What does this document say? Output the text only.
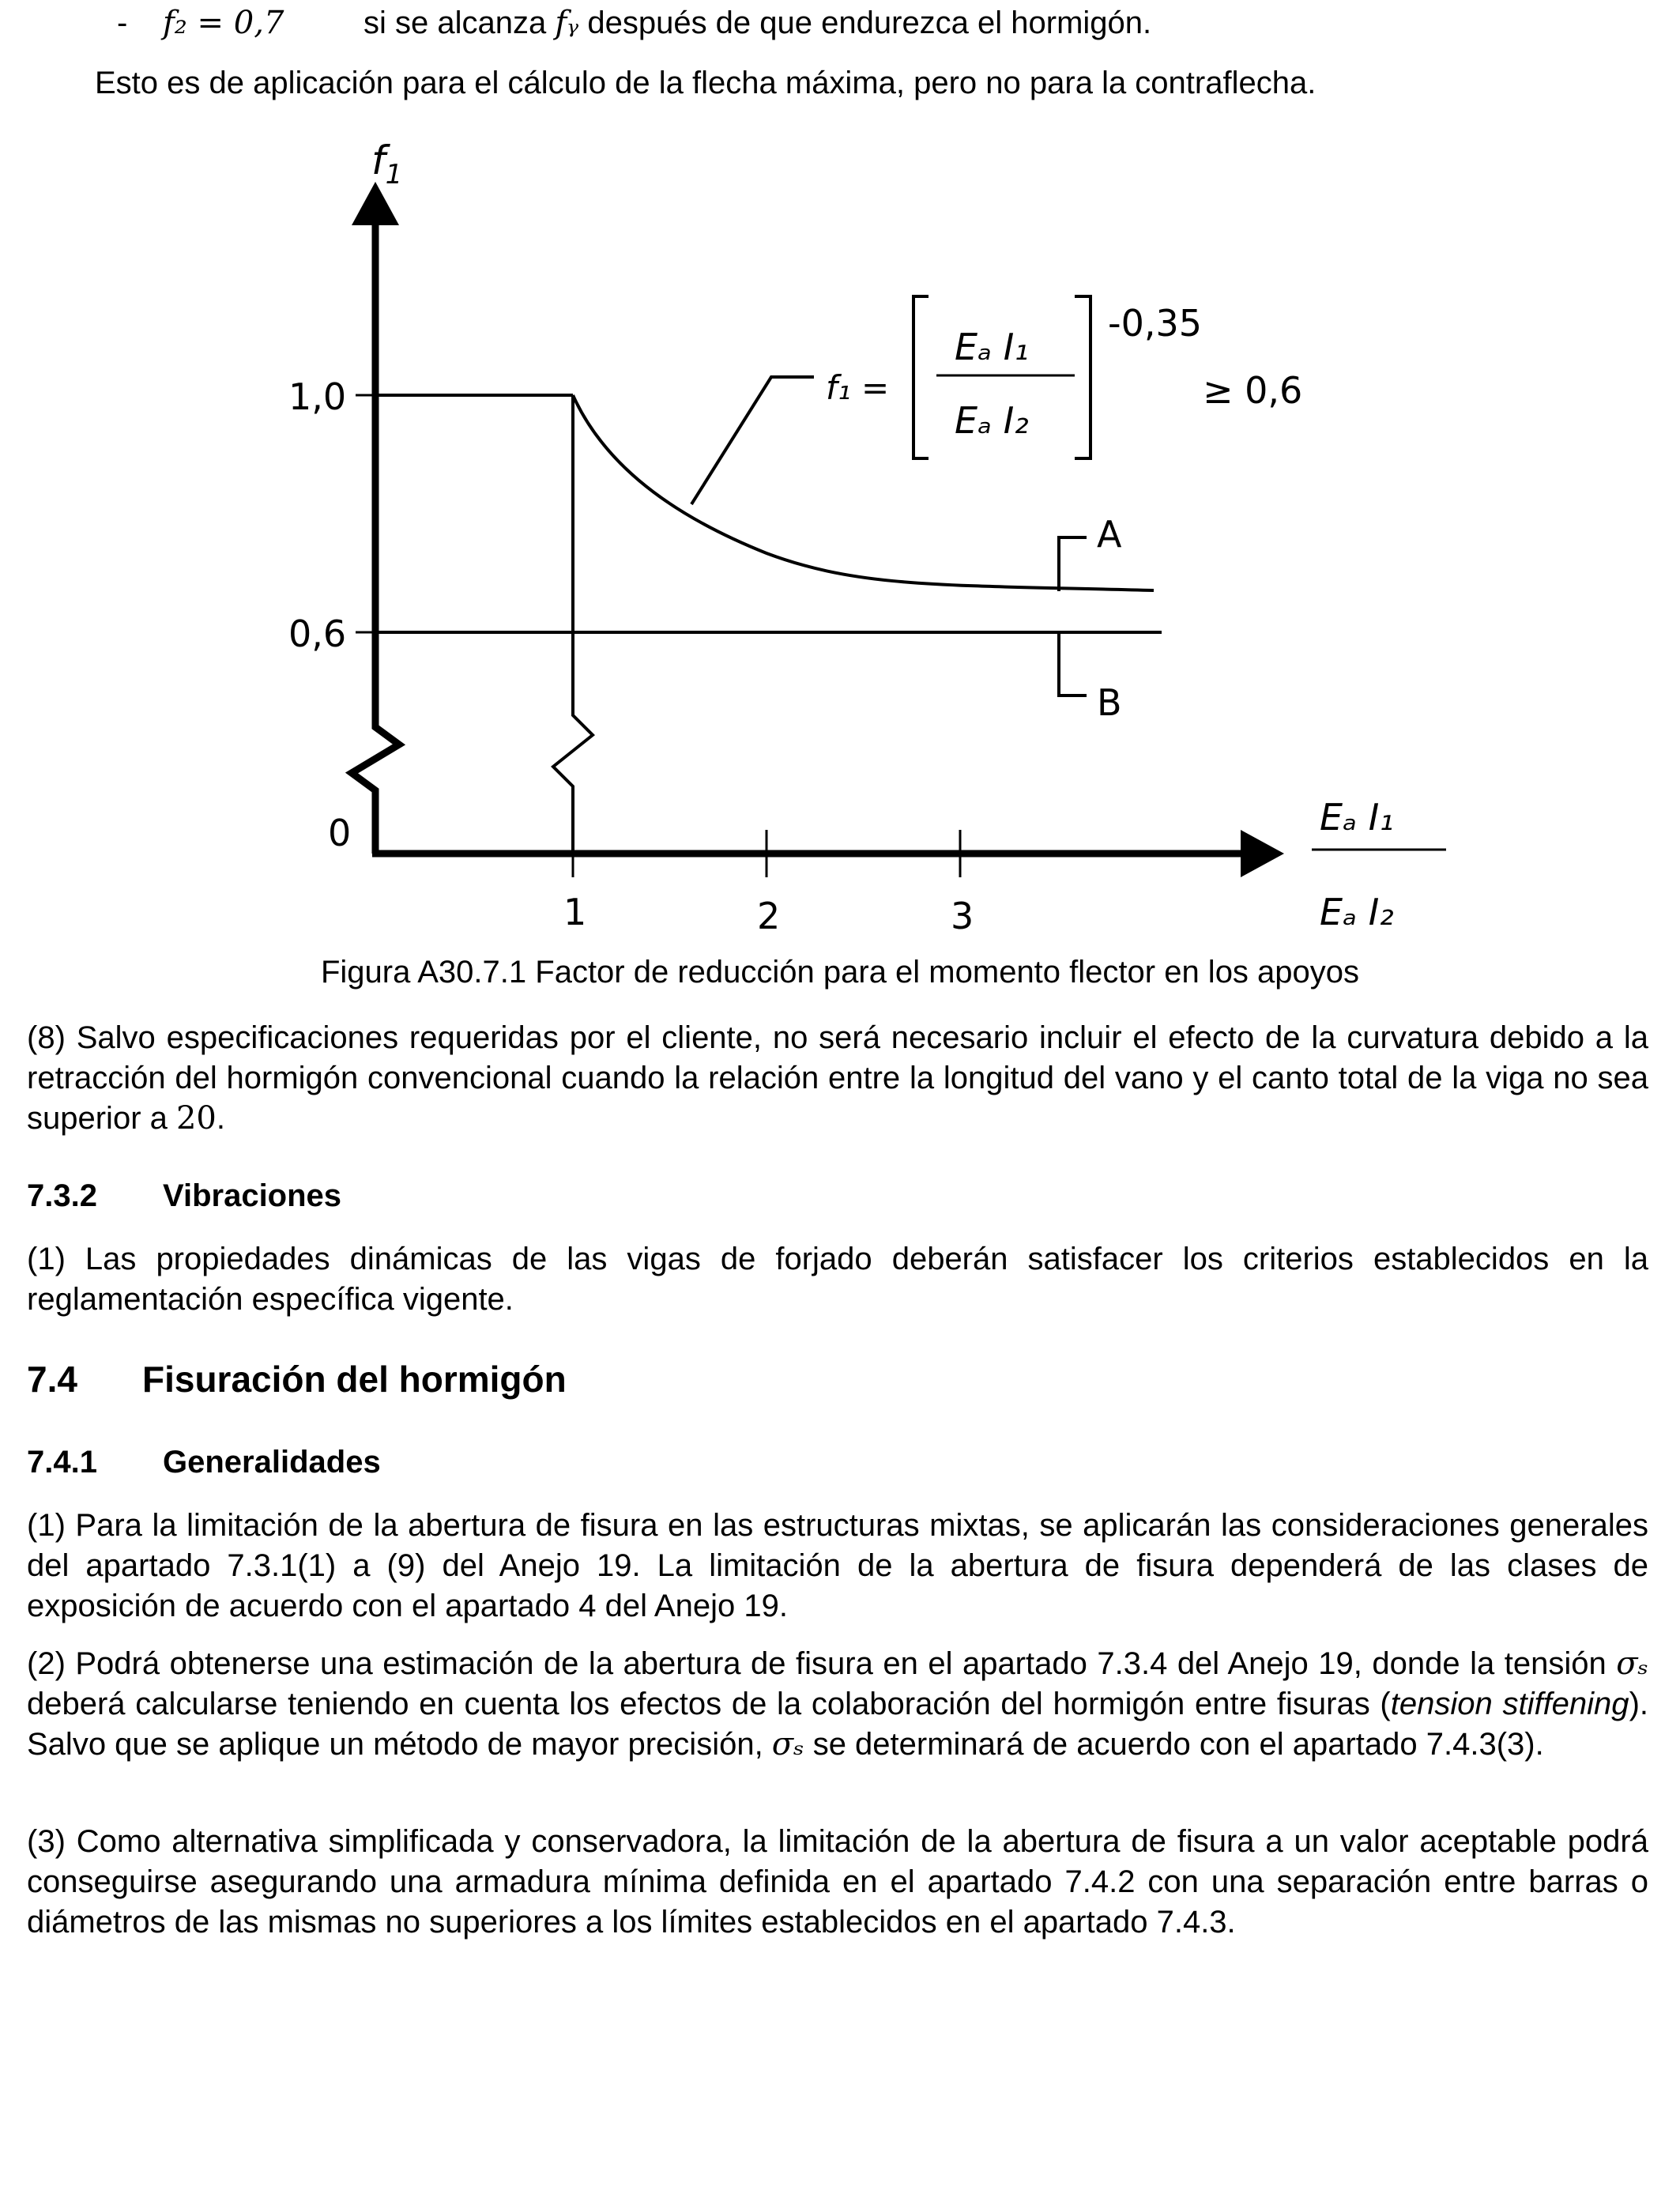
- f₂ = 0,7	si se alcanza fᵧ después de que endurezca el hormigón.

Esto es de aplicación para el cálculo de la flecha máxima, pero no para la contraflecha.

$f_1$
1,0
0,6
0
1	2	3
f₁ =
Eₐ I₁
Eₐ I₂
-0,35
≥ 0,6
A
B
Eₐ I₁
Eₐ I₂
Figura A30.7.1 Factor de reducción para el momento flector en los apoyos

(8) Salvo especificaciones requeridas por el cliente, no será necesario incluir el efecto de la curvatura debido a la retracción del hormigón convencional cuando la relación entre la longitud del vano y el canto total de la viga no sea superior a 20.

7.3.2 Vibraciones

(1) Las propiedades dinámicas de las vigas de forjado deberán satisfacer los criterios establecidos en la reglamentación específica vigente.

7.4 Fisuración del hormigón
7.4.1 Generalidades

(1) Para la limitación de la abertura de fisura en las estructuras mixtas, se aplicarán las consideraciones generales del apartado 7.3.1(1) a (9) del Anejo 19. La limitación de la abertura de fisura dependerá de las clases de exposición de acuerdo con el apartado 4 del Anejo 19.

(2) Podrá obtenerse una estimación de la abertura de fisura en el apartado 7.3.4 del Anejo 19, donde la tensión σₛ deberá calcularse teniendo en cuenta los efectos de la colaboración del hormigón entre fisuras (tension stiffening). Salvo que se aplique un método de mayor precisión, σₛ se determinará de acuerdo con el apartado 7.4.3(3).

(3) Como alternativa simplificada y conservadora, la limitación de la abertura de fisura a un valor aceptable podrá conseguirse asegurando una armadura mínima definida en el apartado 7.4.2 con una separación entre barras o diámetros de las mismas no superiores a los límites establecidos en el apartado 7.4.3.
